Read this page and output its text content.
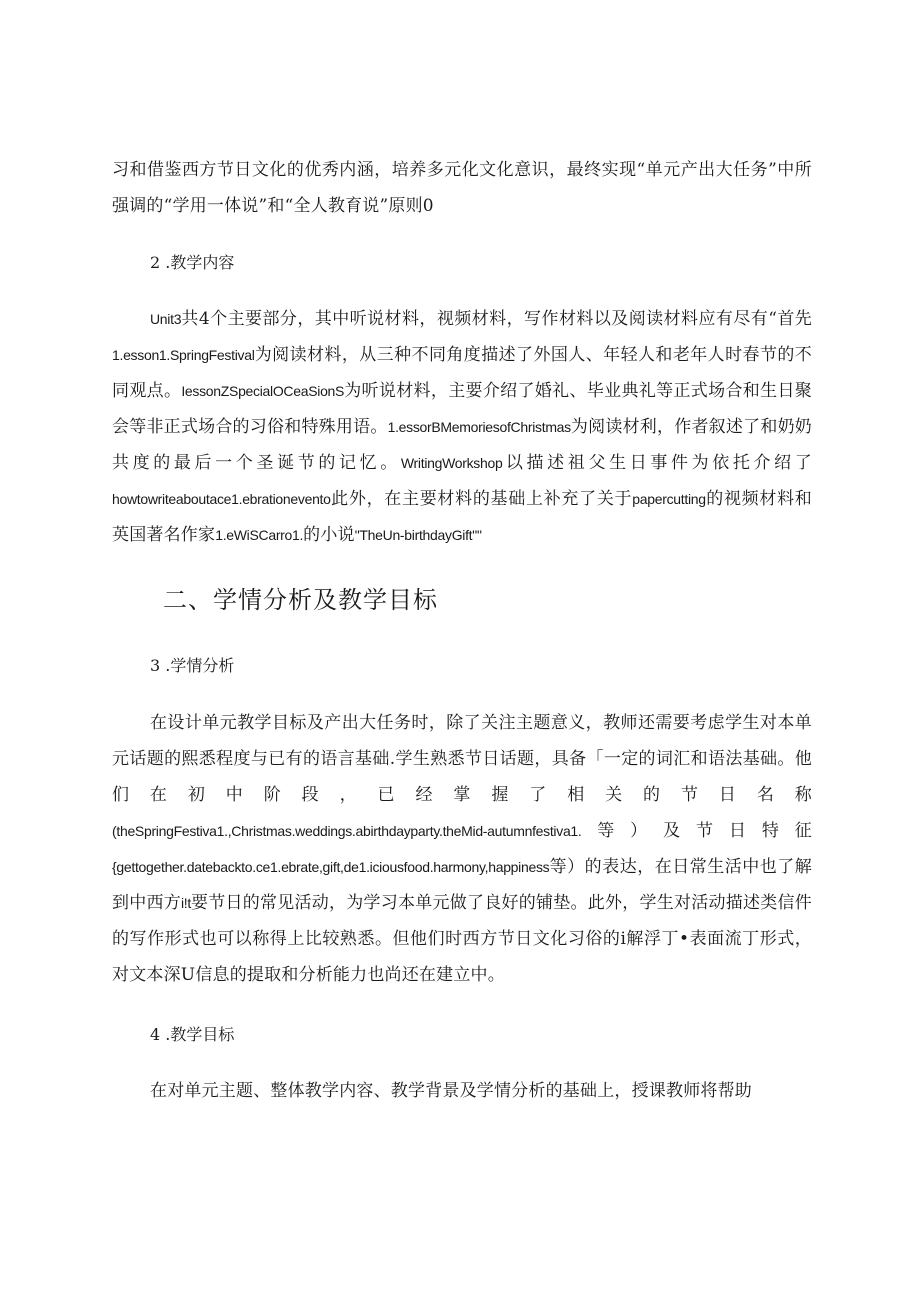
习和借鉴西方节日文化的优秀内涵，培养多元化文化意识，最终实现“单元产出大任务”中所强调的“学用一体说”和“全人教育说”原则0

2 .教学内容

Unit3共4个主要部分，其中听说材料，视频材料，写作材料以及阅读材料应有尽有“首先1.esson1.SpringFestival为阅读材料，从三种不同角度描述了外国人、年轻人和老年人时春节的不同观点。IessonZSpecialOCeaSionS为听说材料，主要介绍了婚礼、毕业典礼等正式场合和生日聚会等非正式场合的习俗和特殊用语。1.essorBMemoriesofChristmas为阅读材利，作者叙述了和奶奶共度的最后一个圣诞节的记忆。WritingWorkshop以描述祖父生日事件为依托介绍了howtowriteaboutace1.ebrationevento此外，在主要材料的基础上补充了关于papercutting的视频材料和英国著名作家1.eWiSCarro1.的小说"TheUn-birthdayGift""

二、学情分析及教学目标

3 .学情分析

在设计单元教学目标及产出大任务时，除了关注主题意义，教师还需要考虑学生对本单元话题的熙悉程度与已有的语言基础.学生熟悉节日话题，具备「一定的词汇和语法基础。他们在初中阶段，已经掌握了相关的节日名称(theSpringFestiva1.,Christmas.weddings.abirthdayparty.theMid-autumnfestiva1.等）及节日特征{gettogether.datebackto.ce1.ebrate,gift,de1.iciousfood.harmony,happiness等）的表达，在日常生活中也了解到中西方i!t要节日的常见活动，为学习本单元做了良好的铺垫。此外，学生对活动描述类信件的写作形式也可以称得上比较熟悉。但他们时西方节日文化习俗的i解浮丁•表面流丁形式，对文本深U信息的提取和分析能力也尚还在建立中。

4 .教学目标

在对单元主题、整体教学内容、教学背景及学情分析的基础上，授课教师将帮助
